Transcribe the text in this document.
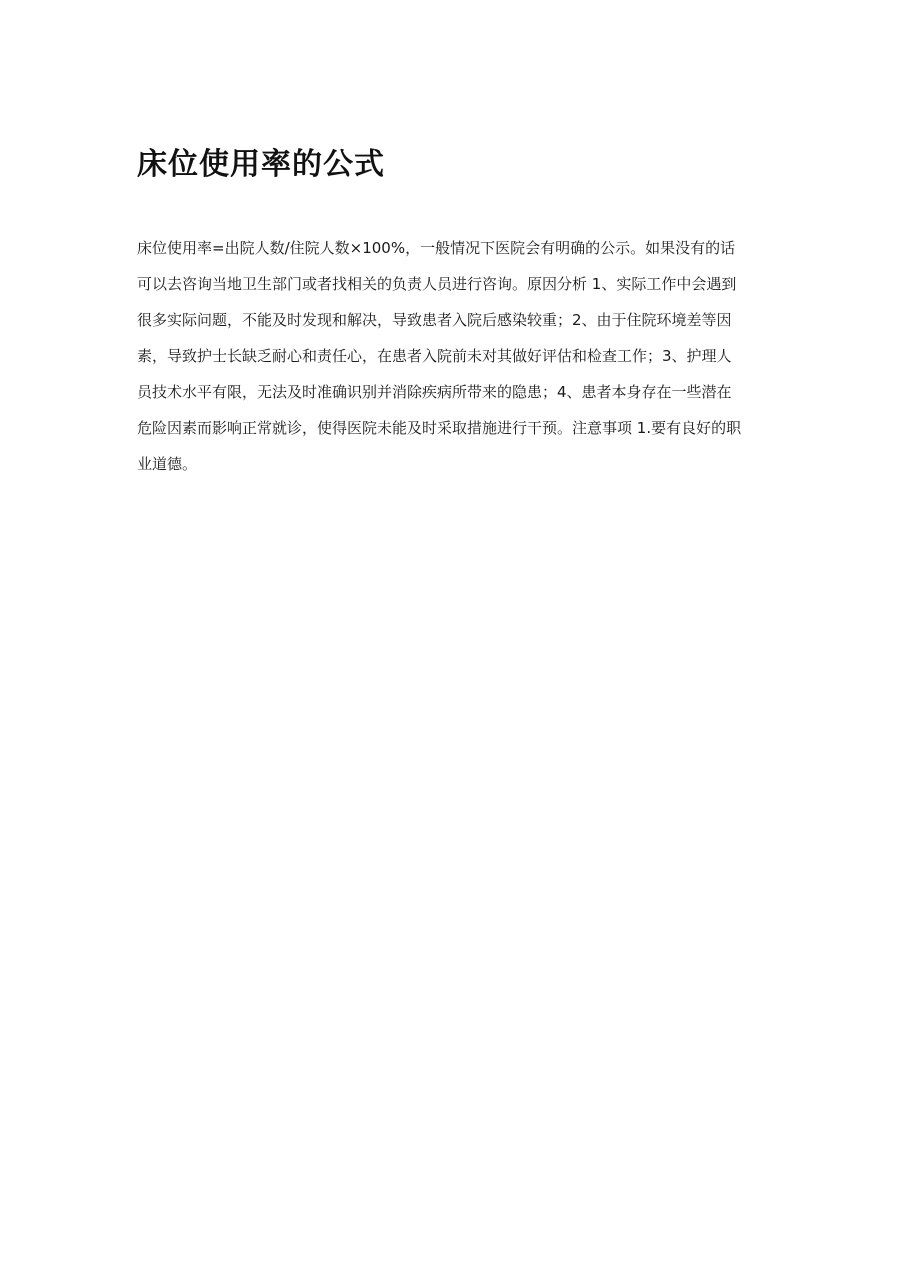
床位使用率的公式
床位使用率=出院人数/住院人数×100%，一般情况下医院会有明确的公示。如果没有的话
可以去咨询当地卫生部门或者找相关的负责人员进行咨询。原因分析 1、实际工作中会遇到
很多实际问题，不能及时发现和解决，导致患者入院后感染较重；2、由于住院环境差等因
素，导致护士长缺乏耐心和责任心，在患者入院前未对其做好评估和检查工作；3、护理人
员技术水平有限，无法及时准确识别并消除疾病所带来的隐患；4、患者本身存在一些潜在
危险因素而影响正常就诊，使得医院未能及时采取措施进行干预。注意事项 1.要有良好的职
业道德。
